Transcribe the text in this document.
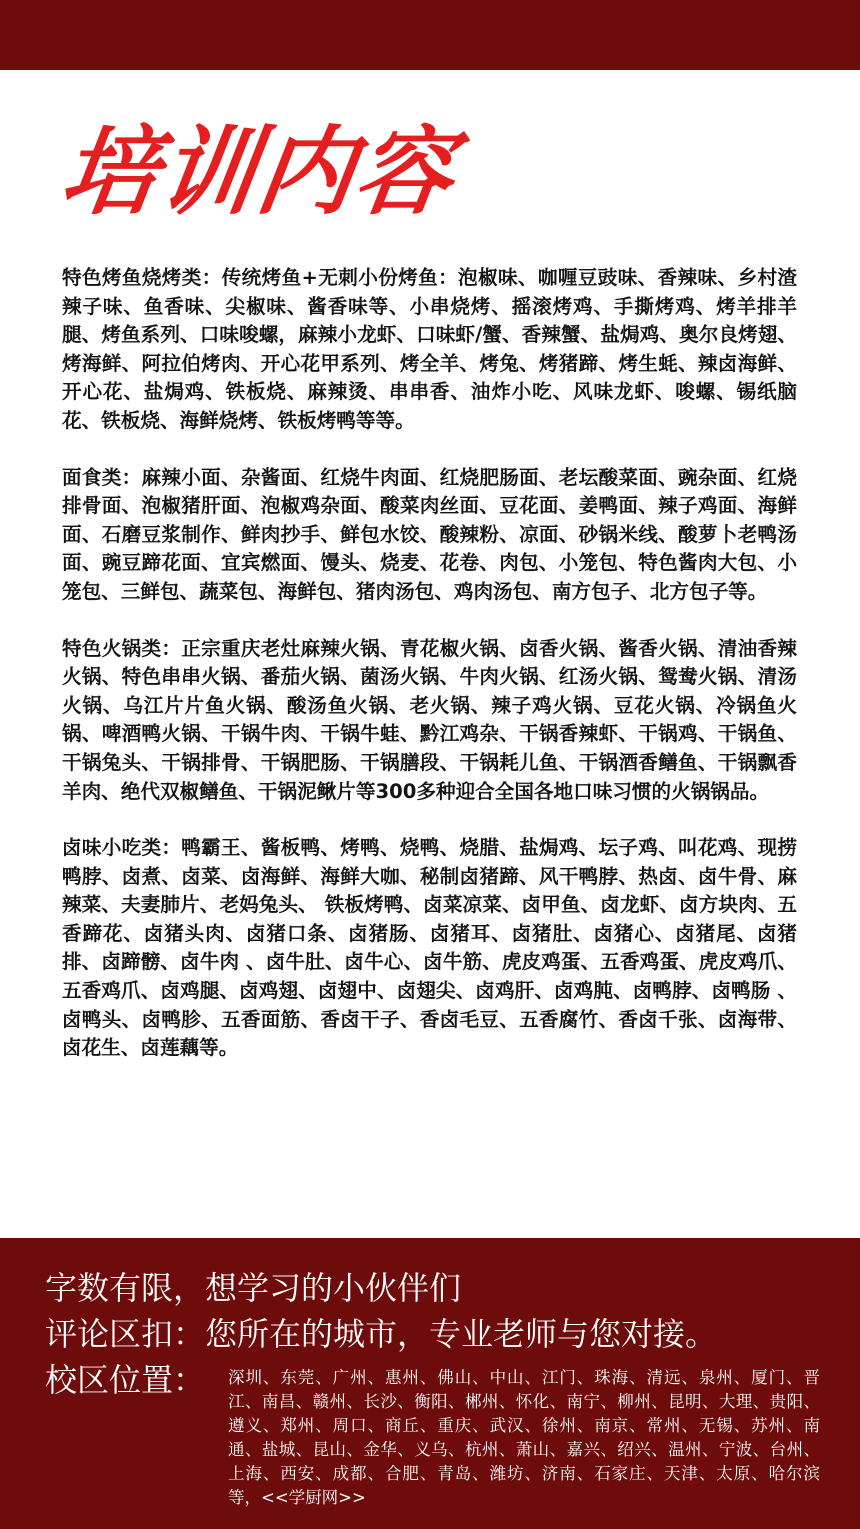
培训内容

特色烤鱼烧烤类：传统烤鱼+无刺小份烤鱼：泡椒味、咖喱豆豉味、香辣味、乡村渣辣子味、鱼香味、尖椒味、酱香味等、小串烧烤、摇滚烤鸡、手撕烤鸡、烤羊排羊腿、烤鱼系列、口味唆螺，麻辣小龙虾、口味虾/蟹、香辣蟹、盐焗鸡、奥尔良烤翅、烤海鲜、阿拉伯烤肉、开心花甲系列、烤全羊、烤兔、烤猪蹄、烤生蚝、辣卤海鲜、开心花、盐焗鸡、铁板烧、麻辣烫、串串香、油炸小吃、风味龙虾、唆螺、锡纸脑花、铁板烧、海鲜烧烤、铁板烤鸭等等。

面食类：麻辣小面、杂酱面、红烧牛肉面、红烧肥肠面、老坛酸菜面、豌杂面、红烧排骨面、泡椒猪肝面、泡椒鸡杂面、酸菜肉丝面、豆花面、姜鸭面、辣子鸡面、海鲜面、石磨豆浆制作、鲜肉抄手、鲜包水饺、酸辣粉、凉面、砂锅米线、酸萝卜老鸭汤面、豌豆蹄花面、宜宾燃面、馒头、烧麦、花卷、肉包、小笼包、特色酱肉大包、小笼包、三鲜包、蔬菜包、海鲜包、猪肉汤包、鸡肉汤包、南方包子、北方包子等。

特色火锅类：正宗重庆老灶麻辣火锅、青花椒火锅、卤香火锅、酱香火锅、清油香辣火锅、特色串串火锅、番茄火锅、菌汤火锅、牛肉火锅、红汤火锅、鸳鸯火锅、清汤火锅、乌江片片鱼火锅、酸汤鱼火锅、老火锅、辣子鸡火锅、豆花火锅、冷锅鱼火锅、啤酒鸭火锅、干锅牛肉、干锅牛蛙、黔江鸡杂、干锅香辣虾、干锅鸡、干锅鱼、干锅兔头、干锅排骨、干锅肥肠、干锅膳段、干锅耗儿鱼、干锅酒香鳝鱼、干锅飘香羊肉、绝代双椒鳝鱼、干锅泥鳅片等300多种迎合全国各地口味习惯的火锅锅品。

卤味小吃类：鸭霸王、酱板鸭、烤鸭、烧鸭、烧腊、盐焗鸡、坛子鸡、叫花鸡、现捞鸭脖、卤煮、卤菜、卤海鲜、海鲜大咖、秘制卤猪蹄、风干鸭脖、热卤、卤牛骨、麻辣菜、夫妻肺片、老妈兔头、 铁板烤鸭、卤菜凉菜、卤甲鱼、卤龙虾、卤方块肉、五香蹄花、卤猪头肉、卤猪口条、卤猪肠、卤猪耳、卤猪肚、卤猪心、卤猪尾、卤猪排、卤蹄髈、卤牛肉 、卤牛肚、卤牛心、卤牛筋、虎皮鸡蛋、五香鸡蛋、虎皮鸡爪、五香鸡爪、卤鸡腿、卤鸡翅、卤翅中、卤翅尖、卤鸡肝、卤鸡肫、卤鸭脖、卤鸭肠 、卤鸭头、卤鸭胗、五香面筋、香卤干子、香卤毛豆、五香腐竹、香卤千张、卤海带、卤花生、卤莲藕等。

字数有限，想学习的小伙伴们
评论区扣：您所在的城市，专业老师与您对接。
校区位置： 深圳、东莞、广州、惠州、佛山、中山、江门、珠海、清远、泉州、厦门、晋江、南昌、赣州、长沙、衡阳、郴州、怀化、南宁、柳州、昆明、大理、贵阳、遵义、郑州、周口、商丘、重庆、武汉、徐州、南京、常州、无锡、苏州、南通、盐城、昆山、金华、义乌、杭州、萧山、嘉兴、绍兴、温州、宁波、台州、上海、西安、成都、合肥、青岛、潍坊、济南、石家庄、天津、太原、哈尔滨等，<<学厨网>>
